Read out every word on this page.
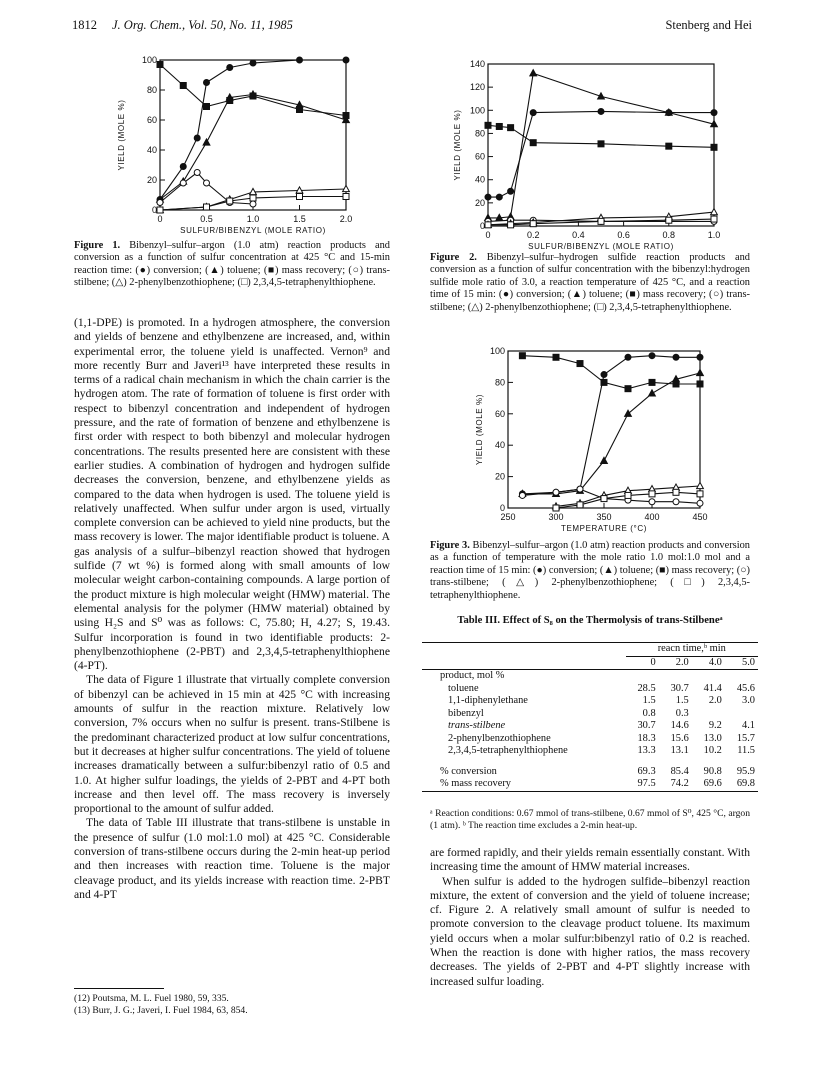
1812 J. Org. Chem., Vol. 50, No. 11, 1985	Stenberg and Hei
0	0.5	1.0	1.5	2.0
0
20
40
60
80
100
SULFUR/BIBENZYL (MOLE RATIO)
YIELD (MOLE %)
Figure 1. Bibenzyl–sulfur–argon (1.0 atm) reaction products and conversion as a function of sulfur concentration at 425 °C and 15-min reaction time: (●) conversion; (▲) toluene; (■) mass recovery; (○) trans-stilbene; (△) 2-phenylbenzothiophene; (□) 2,3,4,5-tetraphenylthiophene.
0	0.2	0.4	0.6	0.8	1.0
0
20
40
60
80
100
120
140
SULFUR/BIBENZYL (MOLE RATIO)
YIELD (MOLE %)
Figure 2. Bibenzyl–sulfur–hydrogen sulfide reaction products and conversion as a function of sulfur concentration with the bibenzyl:hydrogen sulfide mole ratio of 3.0, a reaction temperature of 425 °C, and a reaction time of 15 min: (●) conversion; (▲) toluene; (■) mass recovery; (○) trans-stilbene; (△) 2-phenylbenzothiophene; (□) 2,3,4,5-tetraphenylthiophene.
250	300	350	400	450
0
20
40
60
80
100
TEMPERATURE (°C)
YIELD (MOLE %)
Figure 3. Bibenzyl–sulfur–argon (1.0 atm) reaction products and conversion as a function of temperature with the mole ratio 1.0 mol:1.0 mol and a reaction time of 15 min: (●) conversion; (▲) toluene; (■) mass recovery; (○) trans-stilbene; (△) 2-phenylbenzothiophene; (□) 2,3,4,5-tetraphenylthiophene.

(1,1-DPE) is promoted. In a hydrogen atmosphere, the conversion and yields of benzene and ethylbenzene are increased, and, within experimental error, the toluene yield is unaffected. Vernon⁹ and more recently Burr and Javeri¹³ have interpreted these results in terms of a radical chain mechanism in which the chain carrier is the hydrogen atom. The rate of formation of toluene is first order with respect to bibenzyl concentration and independent of hydrogen pressure, and the rate of formation of benzene and ethylbenzene is first order with respect to both bibenzyl and molecular hydrogen concentrations. The results presented here are consistent with these earlier studies. A combination of hydrogen and hydrogen sulfide decreases the conversion, benzene, and ethylbenzene yields as compared to the data when hydrogen is used. The toluene yield is relatively unaffected. When sulfur under argon is used, virtually complete conversion can be achieved to yield nine products, but the mass recovery is lower. The major identifiable product is toluene. A gas analysis of a sulfur–bibenzyl reaction showed that hydrogen sulfide (7 wt %) is formed along with small amounts of low molecular weight carbon-containing compounds. A large portion of the product mixture is high molecular weight (HMW) material. The elemental analysis for the polymer (HMW material) obtained by using H₂S and S⁰ was as follows: C, 75.80; H, 4.27; S, 19.43. Sulfur incorporation is found in two identifiable products: 2-phenylbenzothiophene (2-PBT) and 2,3,4,5-tetraphenylthiophene (4-PT).

The data of Figure 1 illustrate that virtually complete conversion of bibenzyl can be achieved in 15 min at 425 °C with increasing amounts of sulfur in the reaction mixture. Relatively low conversion, 7% occurs when no sulfur is present. trans-Stilbene is the predominant characterized product at low sulfur concentrations, but it decreases at higher sulfur concentrations. The yield of toluene increases dramatically between a sulfur:bibenzyl ratio of 0.5 and 1.0. At higher sulfur loadings, the yields of 2-PBT and 4-PT both increase and then level off. The mass recovery is inversely proportional to the amount of sulfur added.

The data of Table III illustrate that trans-stilbene is unstable in the presence of sulfur (1.0 mol:1.0 mol) at 425 °C. Considerable conversion of trans-stilbene occurs during the 2-min heat-up period and then increases with reaction time. Toluene is the major cleavage product, and its yields increase with reaction time. 2-PBT and 4-PT

(12) Poutsma, M. L. Fuel 1980, 59, 335.
(13) Burr, J. G.; Javeri, I. Fuel 1984, 63, 854.
Table III. Effect of S₈ on the Thermolysis of trans-Stilbeneᵃ
	reacn time,ᵇ min			
	0	2.0	4.0	5.0
product, mol %				
toluene	28.5	30.7	41.4	45.6
1,1-diphenylethane	1.5	1.5	2.0	3.0
bibenzyl	0.8	0.3		
trans-stilbene	30.7	14.6	9.2	4.1
2-phenylbenzothiophene	18.3	15.6	13.0	15.7
2,3,4,5-tetraphenylthiophene	13.3	13.1	10.2	11.5

% conversion	69.3	85.4	90.8	95.9
% mass recovery	97.5	74.2	69.6	69.8
ᵃ Reaction conditions: 0.67 mmol of trans-stilbene, 0.67 mmol of S⁰, 425 °C, argon (1 atm). ᵇ The reaction time excludes a 2-min heat-up.

are formed rapidly, and their yields remain essentially constant. With increasing time the amount of HMW material increases.

When sulfur is added to the hydrogen sulfide–bibenzyl reaction mixture, the extent of conversion and the yield of toluene increase; cf. Figure 2. A relatively small amount of sulfur is needed to promote conversion to the cleavage product toluene. Its maximum yield occurs when a molar sulfur:bibenzyl ratio of 0.2 is reached. When the reaction is done with higher ratios, the mass recovery decreases. The yields of 2-PBT and 4-PT slightly increase with increased sulfur loading.
